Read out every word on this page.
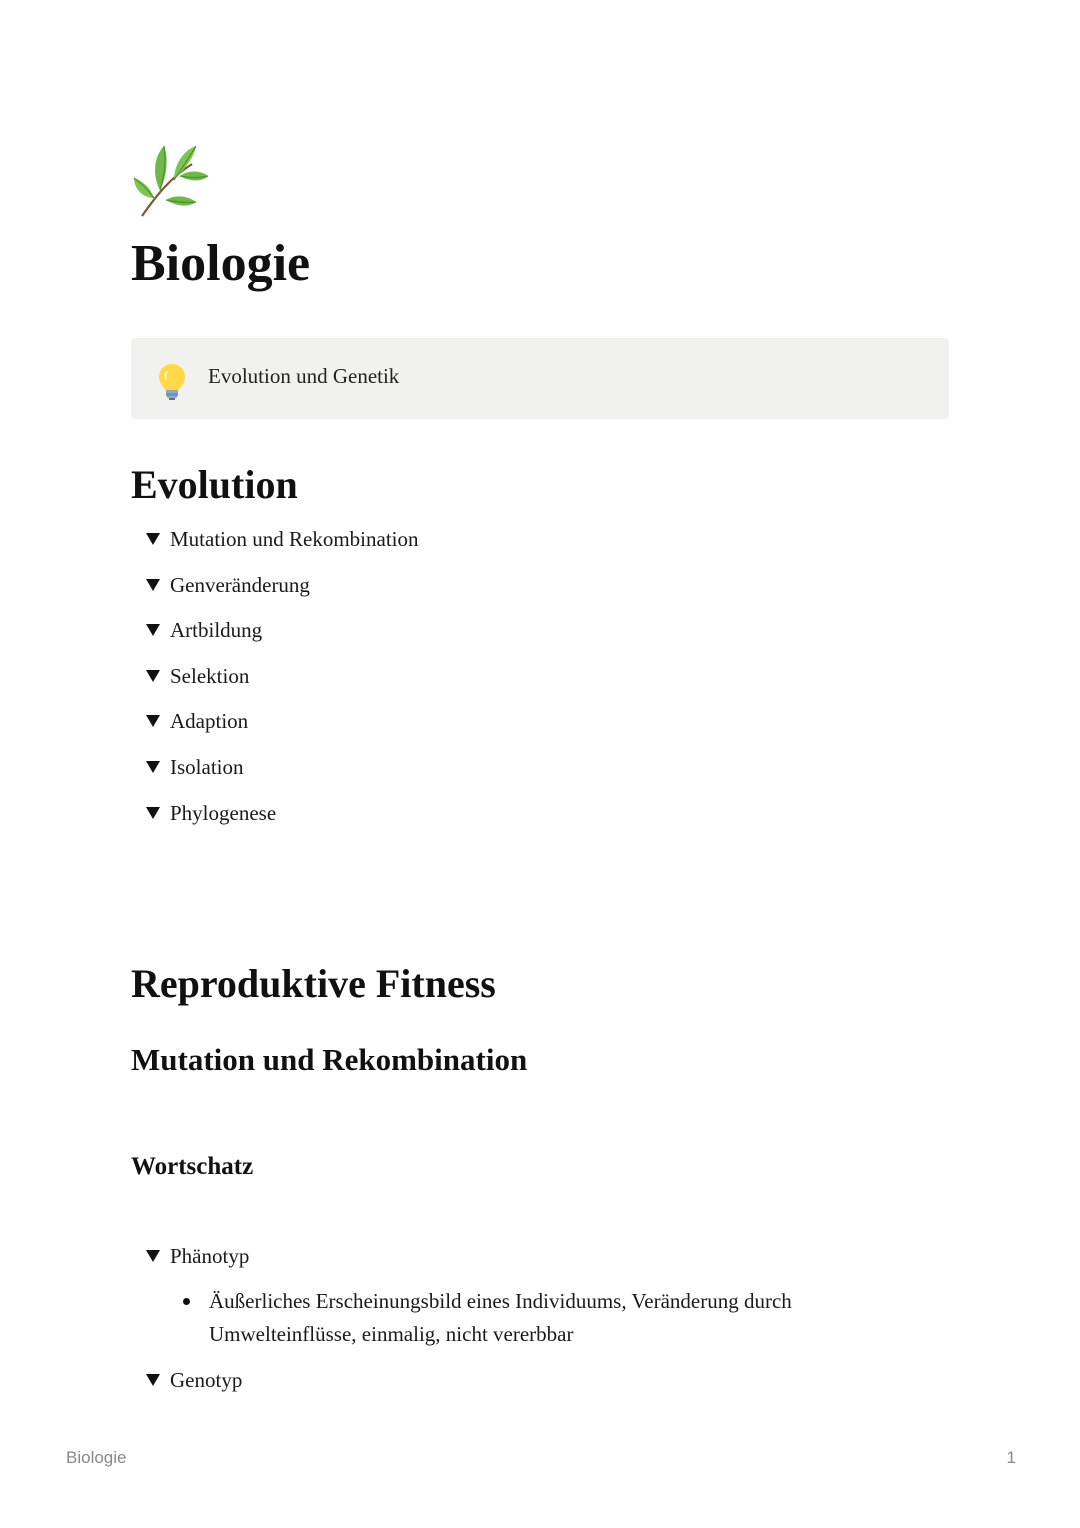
Biologie
Evolution und Genetik
Evolution
Mutation und Rekombination
Genveränderung
Artbildung
Selektion
Adaption
Isolation
Phylogenese
Reproduktive Fitness
Mutation und Rekombination
Wortschatz
Phänotyp
Äußerliches Erscheinungsbild eines Individuums, Veränderung durch Umwelteinflüsse, einmalig, nicht vererbbar
Genotyp
Biologie	1
